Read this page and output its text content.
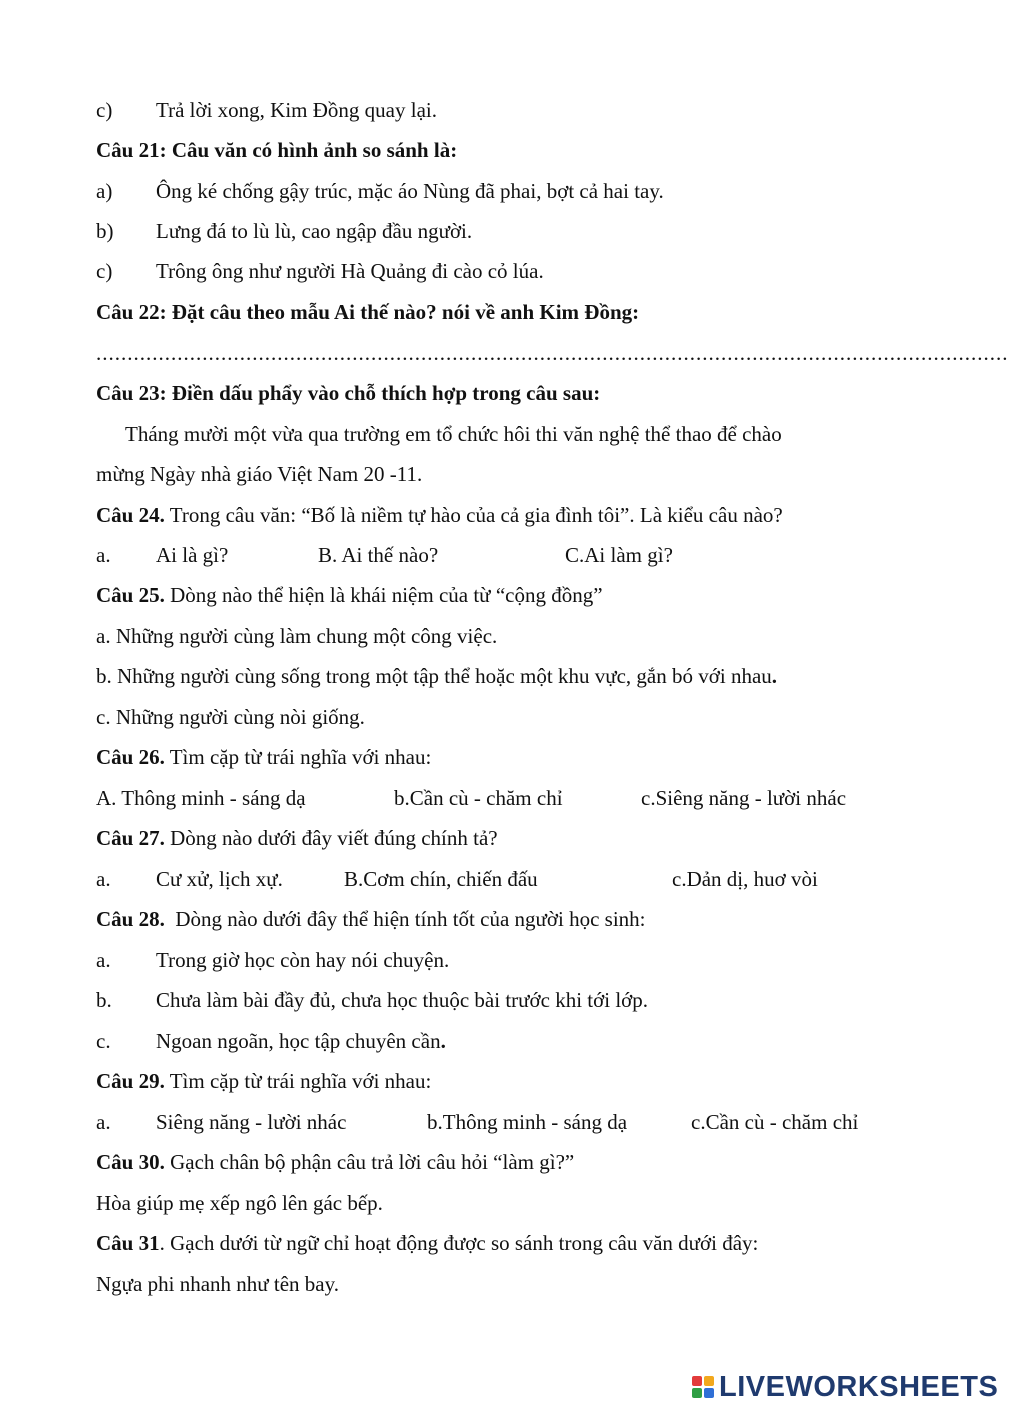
c) Trả lời xong, Kim Đồng quay lại.
Câu 21: Câu văn có hình ảnh so sánh là:
a) Ông ké chống gậy trúc, mặc áo Nùng đã phai, bợt cả hai tay.
b) Lưng đá to lù lù, cao ngập đầu người.
c) Trông ông như người Hà Quảng đi cào cỏ lúa.
Câu 22: Đặt câu theo mẫu Ai thế nào? nói về anh Kim Đồng:
..................................................................................................................................................
Câu 23: Điền dấu phẩy vào chỗ thích hợp trong câu sau:
Tháng mười một vừa qua trường em tổ chức hôi thi văn nghệ thể thao để chào
mừng Ngày nhà giáo Việt Nam 20 -11.
Câu 24. Trong câu văn: “Bố là niềm tự hào của cả gia đình tôi”. Là kiểu câu nào?
a. Ai là gì?	B. Ai thế nào?	C.Ai làm gì?
Câu 25. Dòng nào thể hiện là khái niệm của từ “cộng đồng”
a. Những người cùng làm chung một công việc.
b. Những người cùng sống trong một tập thể hoặc một khu vực, gắn bó với nhau.
c. Những người cùng nòi giống.
Câu 26. Tìm cặp từ trái nghĩa với nhau:
A. Thông minh - sáng dạ	b.Cần cù - chăm chỉ	c.Siêng năng - lười nhác
Câu 27. Dòng nào dưới đây viết đúng chính tả?
a. Cư xử, lịch xự.	B.Cơm chín, chiến đấu	c.Dản dị, huơ vòi
Câu 28.  Dòng nào dưới đây thể hiện tính tốt của người học sinh:
a. Trong giờ học còn hay nói chuyện.
b. Chưa làm bài đầy đủ, chưa học thuộc bài trước khi tới lớp.
c. Ngoan ngoãn, học tập chuyên cần.
Câu 29. Tìm cặp từ trái nghĩa với nhau:
a. Siêng năng - lười nhác	b.Thông minh - sáng dạ	c.Cần cù - chăm chỉ
Câu 30. Gạch chân bộ phận câu trả lời câu hỏi “làm gì?”
Hòa giúp mẹ xếp ngô lên gác bếp.
Câu 31. Gạch dưới từ ngữ chỉ hoạt động được so sánh trong câu văn dưới đây:
Ngựa phi nhanh như tên bay.
LIVEWORKSHEETS
